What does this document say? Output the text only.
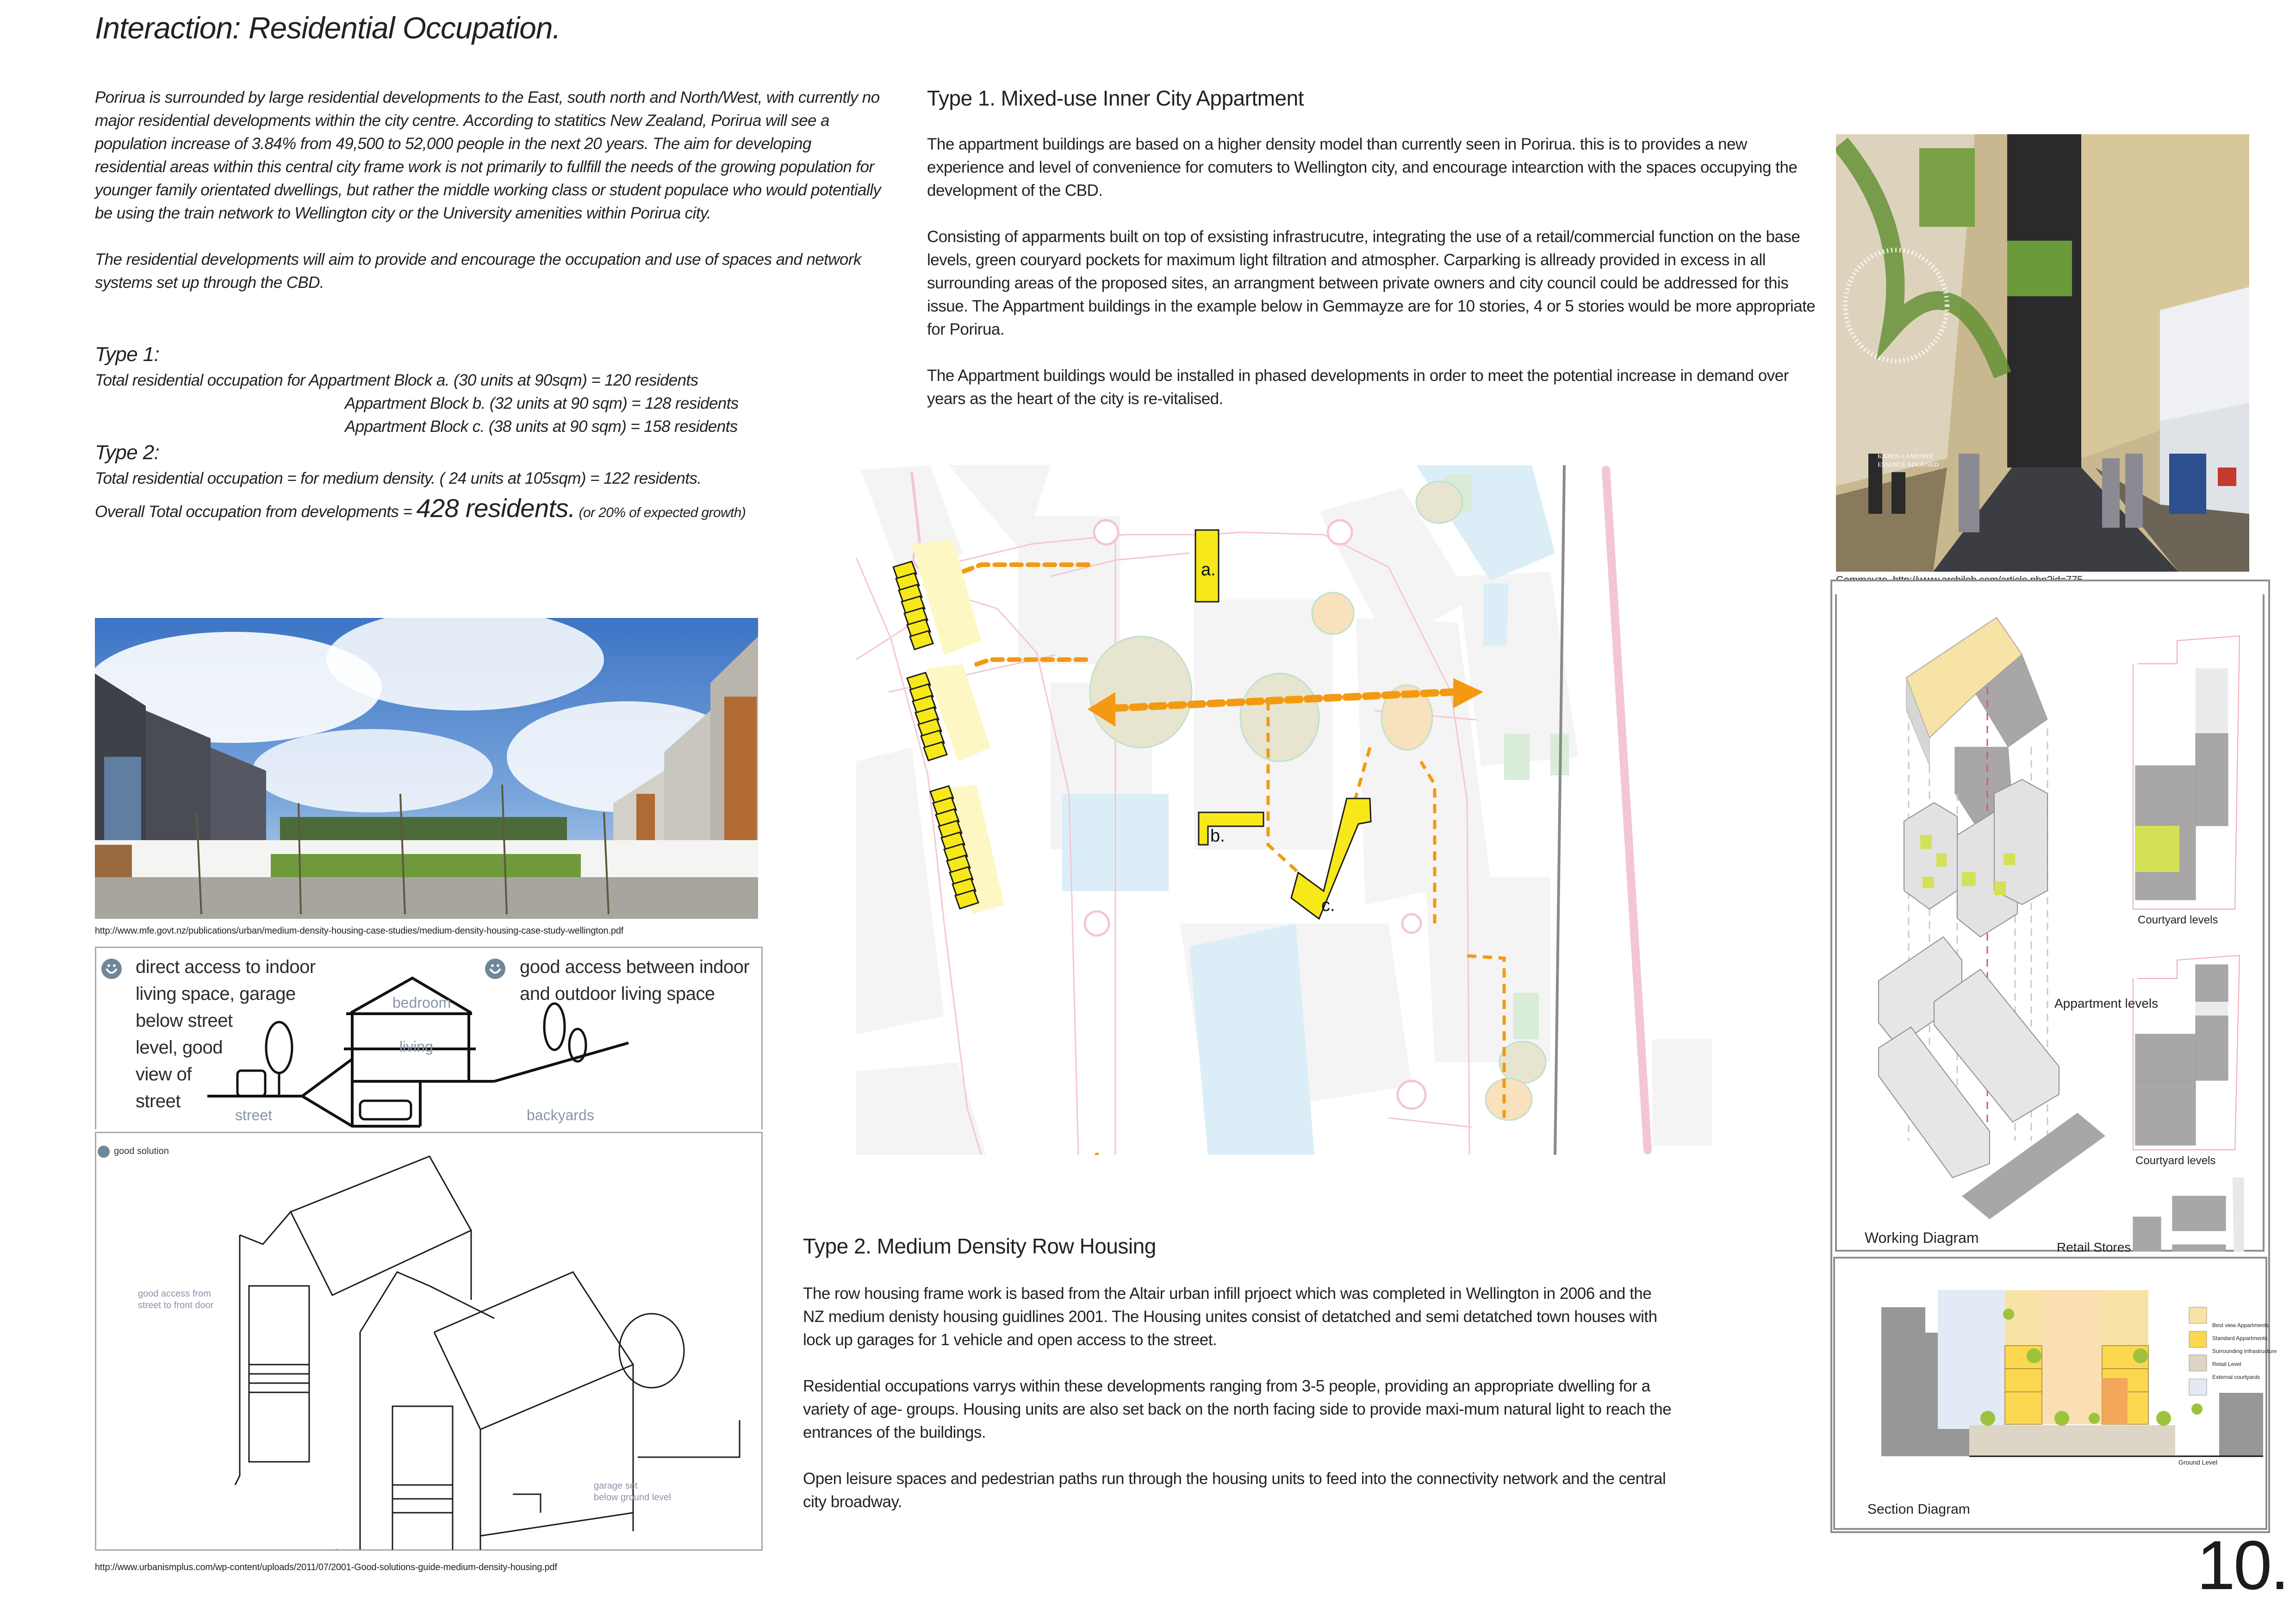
Interaction: Residential Occupation.

Porirua is surrounded by large residential developments to the East, south north and North/West, with currently no major residential developments within the city centre. According to statitics New Zealand, Porirua will see a population increase of 3.84% from 49,500 to 52,000 people in the next 20 years. The aim for developing residential areas within this central city frame work is not primarily to fullfill the needs of the growing population for younger family orientated dwellings, but rather the middle working class or student populace who would potentially be using the train network to Wellington city or the University amenities within Porirua city.

The residential developments will aim to provide and encourage the occupation and use of spaces and network systems set up through the CBD.

Type 1:
Total residential occupation for Appartment Block a. (30 units at 90sqm) = 120 residents
Appartment Block b. (32 units at 90 sqm) = 128 residents
Appartment Block c. (38 units at 90 sqm) = 158 residents
Type 2:
Total residential occupation = for medium density. ( 24 units at 105sqm) = 122 residents.
Overall Total occupation from developments = 428 residents. (or 20% of expected growth)
http://www.mfe.govt.nz/publications/urban/medium-density-housing-case-studies/medium-density-housing-case-study-wellington.pdf
direct access to indoor
living space, garage
below street
level, good
view of
street
good access between indoor
and outdoor living space
bedroom
living
street	backyards
good solution
good access from
street to front door
garage set
below ground level
http://www.urbanismplus.com/wp-content/uploads/2011/07/2001-Good-solutions-guide-medium-density-housing.pdf
Type 1. Mixed-use Inner City Appartment

The appartment buildings are based on a higher density model than currently seen in Porirua. this is to provides a new experience and level of convenience for comuters to Wellington city, and encourage intearction with the spaces occupying the development of the CBD.

Consisting of apparments built on top of exsisting infrastrucutre, integrating the use of a retail/commercial function on the base levels, green couryard pockets for maximum light filtration and atmospher. Carparking is allready provided in excess in all surrounding areas of the proposed sites, an arrangment between private owners and city council could be addressed for this issue. The Appartment buildings in the example below in Gemmayze are for 10 stories, 4 or 5 stories would be more appropriate for Porirua.

The Appartment buildings would be installed in phased developments in order to meet the potential increase in demand over years as the heart of the city is re-vitalised.

a.
b.
c.
Type 2. Medium Density Row Housing

The row housing frame work is based from the Altair urban infill prjoect which was completed in Wellington in 2006 and the NZ medium denisty housing guidlines 2001. The Housing unites consist of detatched and semi detatched town houses with lock up garages for 1 vehicle and open access to the street.

Residential occupations varrys within these developments ranging from 3-5 people, providing an appropriate dwelling for a variety of age- groups. Housing units are also set back on the north facing side to provide maxi-mum natural light to reach the entrances of the buildings.

Open leisure spaces and pedestrian paths run through the housing units to feed into the connectivity network and the central city broadway.

KAREN LAMONTE
ESSENCE ADORNED
Courtyard levels
Appartment levels
Courtyard levels
Retail Stores
Working Diagram
Best view Appartments
Standard Appartments
Surrounding Infrastructure
Retail Level
External courtyards
Ground Level
Section Diagram
10.
